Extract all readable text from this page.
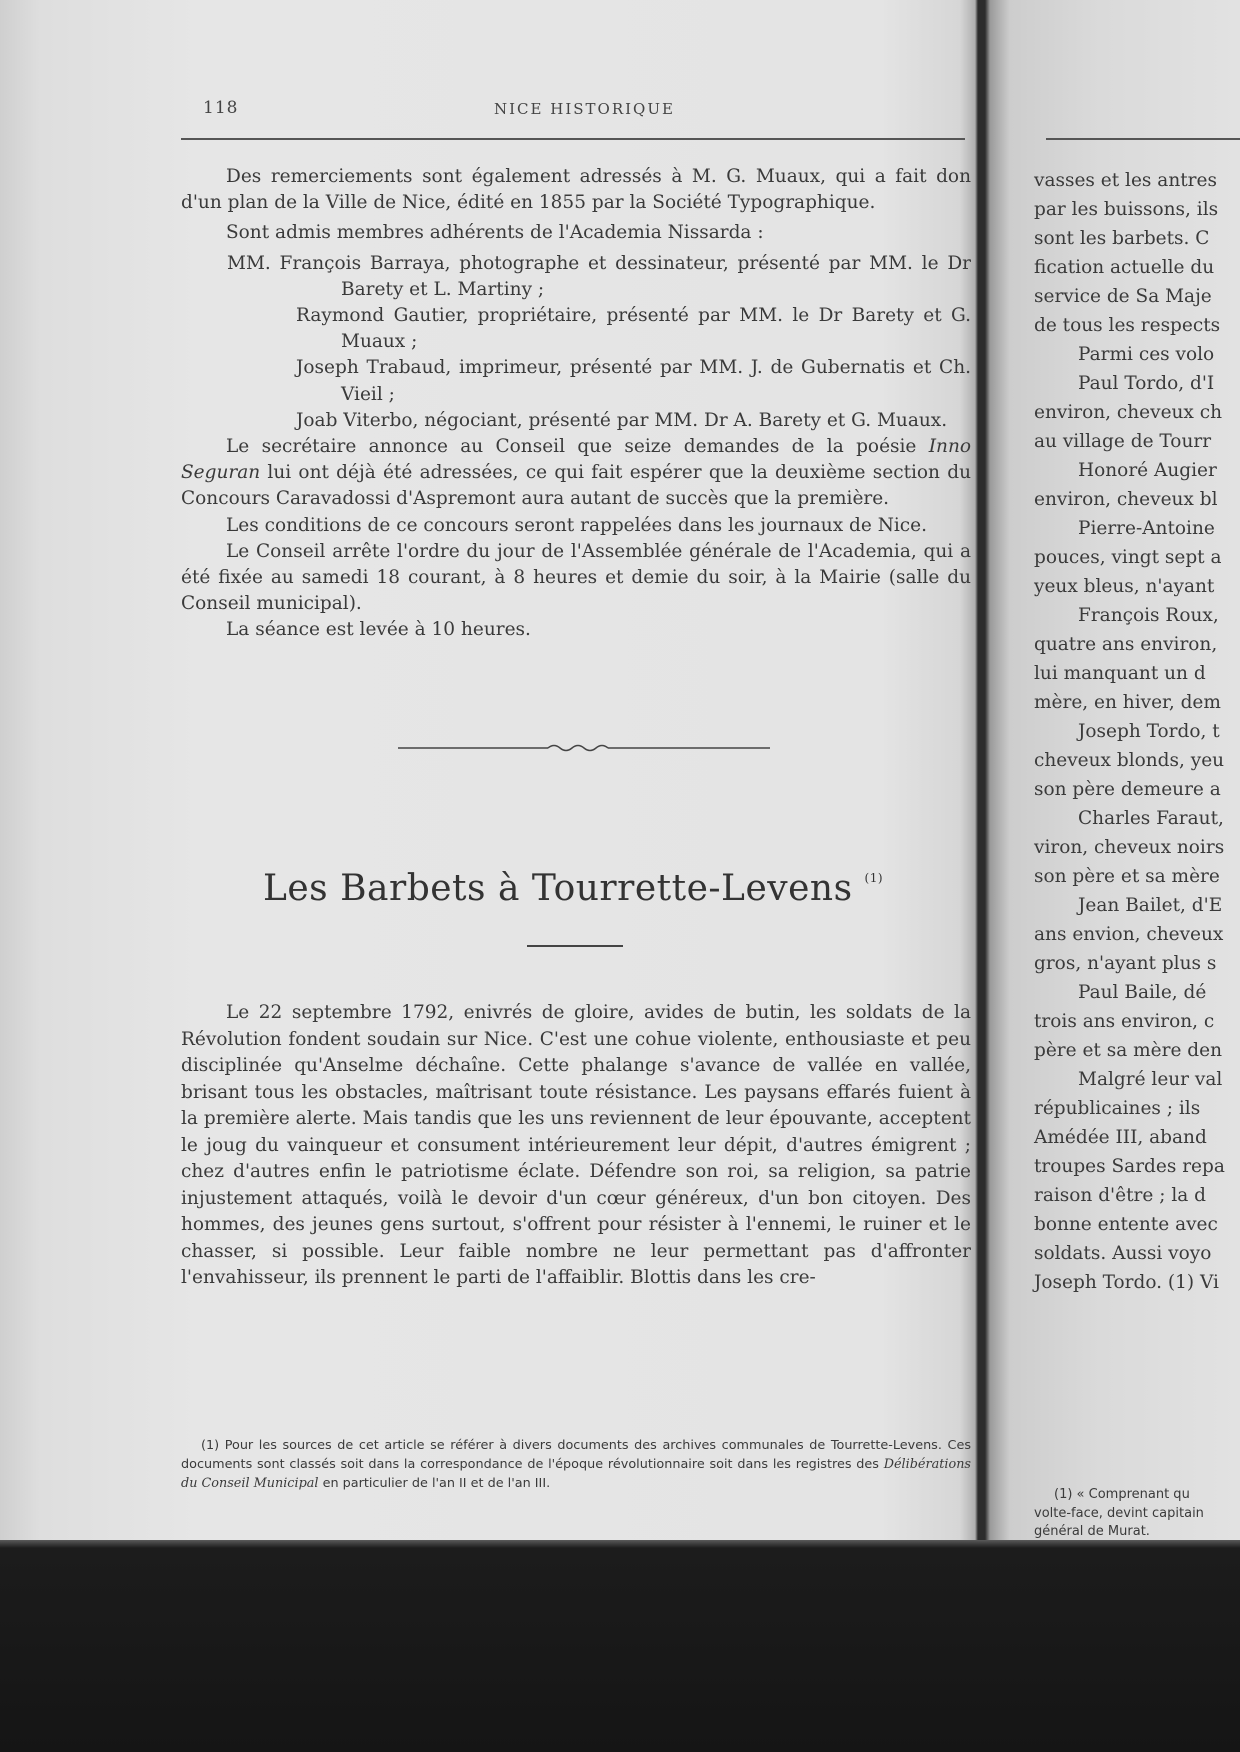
118	NICE HISTORIQUE

Des remerciements sont également adressés à M. G. Muaux, qui a fait don d'un plan de la Ville de Nice, édité en 1855 par la Société Typographique.

Sont admis membres adhérents de l'Academia Nissarda :

MM. François Barraya, photographe et dessinateur, présenté par MM. le Dr Barety et L. Martiny ;

Raymond Gautier, propriétaire, présenté par MM. le Dr Barety et G. Muaux ;

Joseph Trabaud, imprimeur, présenté par MM. J. de Gubernatis et Ch. Vieil ;

Joab Viterbo, négociant, présenté par MM. Dr A. Barety et G. Muaux.

Le secrétaire annonce au Conseil que seize demandes de la poésie Inno Seguran lui ont déjà été adressées, ce qui fait espérer que la deuxième section du Concours Caravadossi d'Aspremont aura autant de succès que la première.

Les conditions de ce concours seront rappelées dans les journaux de Nice.

Le Conseil arrête l'ordre du jour de l'Assemblée générale de l'Academia, qui a été fixée au samedi 18 courant, à 8 heures et demie du soir, à la Mairie (salle du Conseil municipal).

La séance est levée à 10 heures.

Les Barbets à Tourrette-Levens $^{(1)}$

Le 22 septembre 1792, enivrés de gloire, avides de butin, les soldats de la Révolution fondent soudain sur Nice. C'est une cohue violente, enthousiaste et peu disciplinée qu'Anselme déchaîne. Cette phalange s'avance de vallée en vallée, brisant tous les obstacles, maîtrisant toute résistance. Les paysans effarés fuient à la première alerte. Mais tandis que les uns reviennent de leur épouvante, acceptent le joug du vainqueur et consument intérieurement leur dépit, d'autres émigrent ; chez d'autres enfin le patriotisme éclate. Défendre son roi, sa religion, sa patrie injustement attaqués, voilà le devoir d'un cœur généreux, d'un bon citoyen. Des hommes, des jeunes gens surtout, s'offrent pour résister à l'ennemi, le ruiner et le chasser, si possible. Leur faible nombre ne leur permettant pas d'affronter l'envahisseur, ils prennent le parti de l'affaiblir. Blottis dans les cre-

(1) Pour les sources de cet article se référer à divers documents des archives communales de Tourrette-Levens. Ces documents sont classés soit dans la correspondance de l'époque révolutionnaire soit dans les registres des Délibérations du Conseil Municipal en particulier de l'an II et de l'an III.

vasses et les antres
par les buissons, ils
sont les barbets. C
fication actuelle du
service de Sa Maje
de tous les respects
Parmi ces volo
Paul Tordo, d'I
environ, cheveux ch
au village de Tourr
Honoré Augier
environ, cheveux bl
Pierre-Antoine
pouces, vingt sept a
yeux bleus, n'ayant
François Roux,
quatre ans environ,
lui manquant un d
mère, en hiver, dem
Joseph Tordo, t
cheveux blonds, yeu
son père demeure a
Charles Faraut,
viron, cheveux noirs
son père et sa mère
Jean Bailet, d'E
ans envion, cheveux
gros, n'ayant plus s
Paul Baile, dé
trois ans environ, c
père et sa mère den
Malgré leur val
républicaines ; ils
Amédée III, aband
troupes Sardes repa
raison d'être ; la d
bonne entente avec
soldats. Aussi voyo
Joseph Tordo. (1) Vi
(1) « Comprenant qu
volte-face, devint capitain
général de Murat.
